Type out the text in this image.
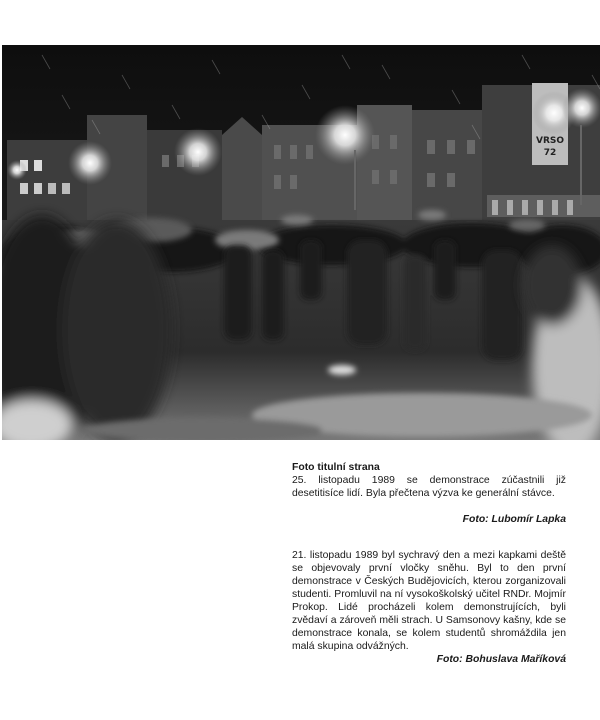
VRSO
72

Foto titulní strana

25. listopadu 1989 se demonstrace zúčastnili již desetitisíce lidí. Byla přečtena výzva ke generální stávce.

Foto: Lubomír Lapka

21. listopadu 1989 byl sychravý den a mezi kapkami deště se objevovaly první vločky sněhu. Byl to den první demonstrace v Českých Budějovicích, kterou zorganizovali studenti. Promluvil na ní vysokoškolský učitel RNDr. Mojmír Prokop. Lidé procházeli kolem demonstrujících, byli zvědaví a zároveň měli strach. U Samsonovy kašny, kde se demonstrace konala, se kolem studentů shromáždila jen malá skupina odvážných.

Foto: Bohuslava Maříková
